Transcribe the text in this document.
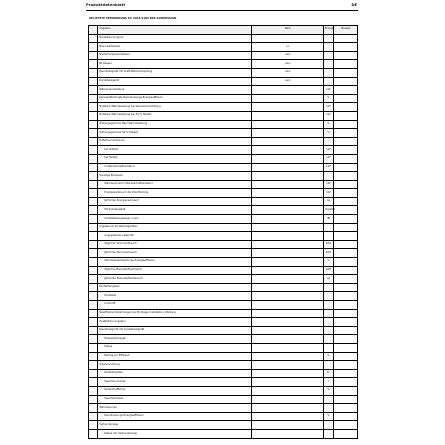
Produktdatenblatt	DE
GELISTETE VERORDNUNG EU 2015/1189 DES KOMMISSION
	Angaben	Wert	Einheit	Hinweis
	Modellkennung(en)			
	Brennwertkessel	ja		
	Niedertemperaturkessel	nein		
	B1-Kessel	nein		
	Raumheizgerät mit Kraft-Wärme-Kopplung	nein		
	Kombiheizgerät	nein		
	Wärmenennleistung		kW	
	Jahreszeitbedingte Raumheizungs-Energieeffizienz		%	
	Nutzbare Wärmeleistung bei Nennwärmeleistung		kW	
	Nutzbare Wärmeleistung bei 30 % Teillast		kW	
	Wirkungsgrad bei Nennwärmeleistung		%	
	Wirkungsgrad bei 30 % Teillast		%	
	Hilfsstromverbrauch			
	bei Volllast		kW	
	bei Teillast		kW	
	im Bereitschaftszustand		kW	
	Sonstige Elemente			
	Wärmeverlust im Bereitschaftszustand		kW	
	Energieverbrauch der Zündflamme		kW	
	Jährlicher Energieverbrauch		GJ	
	Stickoxidausstoß		mg/kWh	
	Schallleistungspegel, innen		dB	
	Angaben zu Kombiheizgeräten			
	Angegebenes Lastprofil			
	Täglicher Stromverbrauch		kWh	
	Jährlicher Stromverbrauch		kWh	
	Warmwasserbereitungs-Energieeffizienz		%	
	Täglicher Brennstoffverbrauch		kWh	
	Jährlicher Brennstoffverbrauch		GJ	
	Kontaktangaben			
	Hersteller			
	Anschrift			
	Spezifische Vorkehrungen bei Montage, Installation, Wartung			
	Zusätzliche Angaben			
	Raumheizgerät mit Zusatzheizgerät			
	Temperaturregler			
	Klasse			
	Beitrag zur Effizienz		%	
	Solareinrichtung			
	Kollektorgröße		m²	
	Speichervolumen		l	
	Kollektoreffizienz		%	
	Speicherklasse			
	Wärmepumpe			
	Raumheizungs-Energieeffizienz		%	
	Verbundanlage			
	Klasse der Verbundanlage			
